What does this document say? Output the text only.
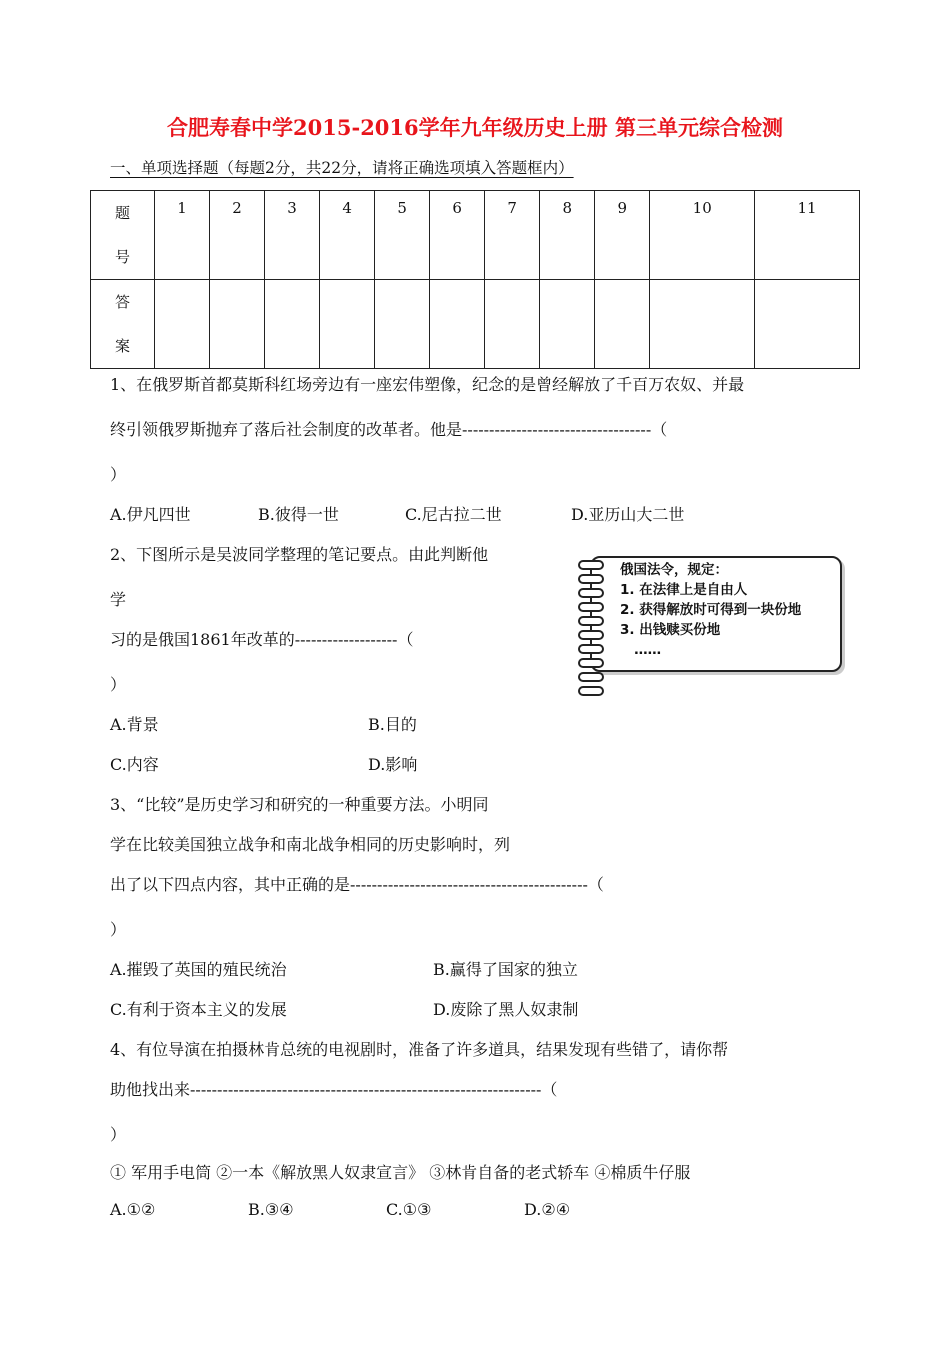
合肥寿春中学2015-2016学年九年级历史上册 第三单元综合检测
一、单项选择题（每题2分，共22分，请将正确选项填入答题框内）
题
号	1	2	3	4	5	6	7	8	9	10	11

答
案											

1、在俄罗斯首都莫斯科红场旁边有一座宏伟塑像，纪念的是曾经解放了千百万农奴、并最
终引领俄罗斯抛弃了落后社会制度的改革者。他是-----------------------------------（
）
A.伊凡四世	B.彼得一世	C.尼古拉二世	D.亚历山大二世
2、下图所示是吴波同学整理的笔记要点。由此判断他
学
习的是俄国1861年改革的-------------------（
）
A.背景	B.目的
C.内容	D.影响
俄国法令，规定：
1. 在法律上是自由人
2. 获得解放时可得到一块份地
3. 出钱赎买份地
……
3、“比较”是历史学习和研究的一种重要方法。小明同
学在比较美国独立战争和南北战争相同的历史影响时，列
出了以下四点内容，其中正确的是--------------------------------------------（
）
A.摧毁了英国的殖民统治	B.赢得了国家的独立
C.有利于资本主义的发展	D.废除了黑人奴隶制
4、有位导演在拍摄林肯总统的电视剧时，准备了许多道具，结果发现有些错了，请你帮
助他找出来-----------------------------------------------------------------（
）
① 军用手电筒 ②一本《解放黑人奴隶宣言》 ③林肯自备的老式轿车 ④棉质牛仔服
A.①②	B.③④	C.①③	D.②④
